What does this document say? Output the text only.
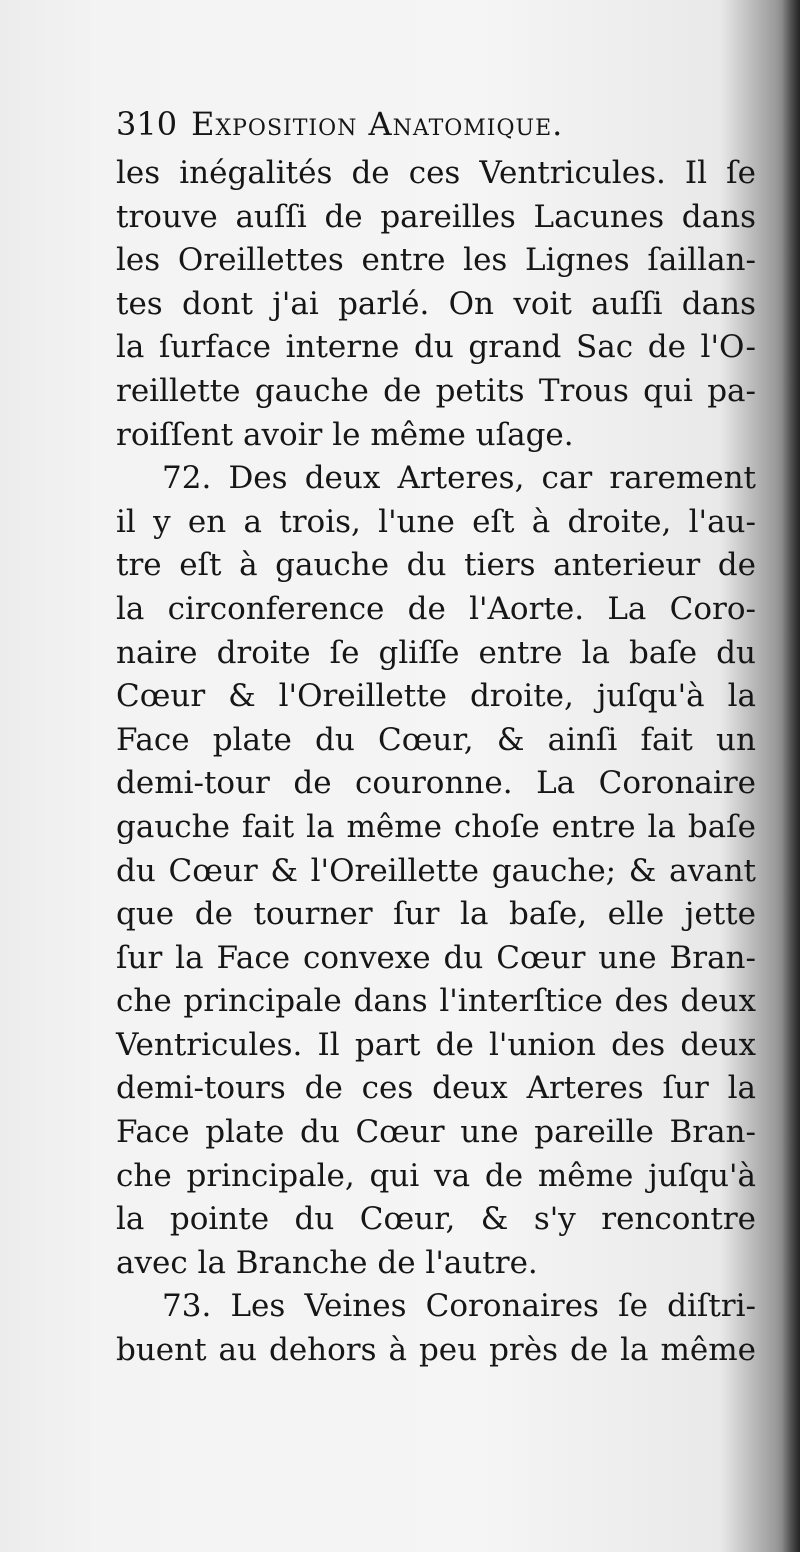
310 Exposition Anatomique.
les inégalités de ces Ventricules. Il ſe
trouve auſſi de pareilles Lacunes dans
les Oreillettes entre les Lignes ſaillan-
tes dont j'ai parlé. On voit auſſi dans
la ſurface interne du grand Sac de l'O-
reillette gauche de petits Trous qui pa-
roiſſent avoir le même uſage.
72. Des deux Arteres, car rarement
il y en a trois, l'une eſt à droite, l'au-
tre eſt à gauche du tiers anterieur de
la circonference de l'Aorte. La Coro-
naire droite ſe gliſſe entre la baſe du
Cœur & l'Oreillette droite, juſqu'à la
Face plate du Cœur, & ainſi fait un
demi-tour de couronne. La Coronaire
gauche fait la même choſe entre la baſe
du Cœur & l'Oreillette gauche; & avant
que de tourner ſur la baſe, elle jette
ſur la Face convexe du Cœur une Bran-
che principale dans l'interſtice des deux
Ventricules. Il part de l'union des deux
demi-tours de ces deux Arteres ſur la
Face plate du Cœur une pareille Bran-
che principale, qui va de même juſqu'à
la pointe du Cœur, & s'y rencontre
avec la Branche de l'autre.
73. Les Veines Coronaires ſe diſtri-
buent au dehors à peu près de la même
